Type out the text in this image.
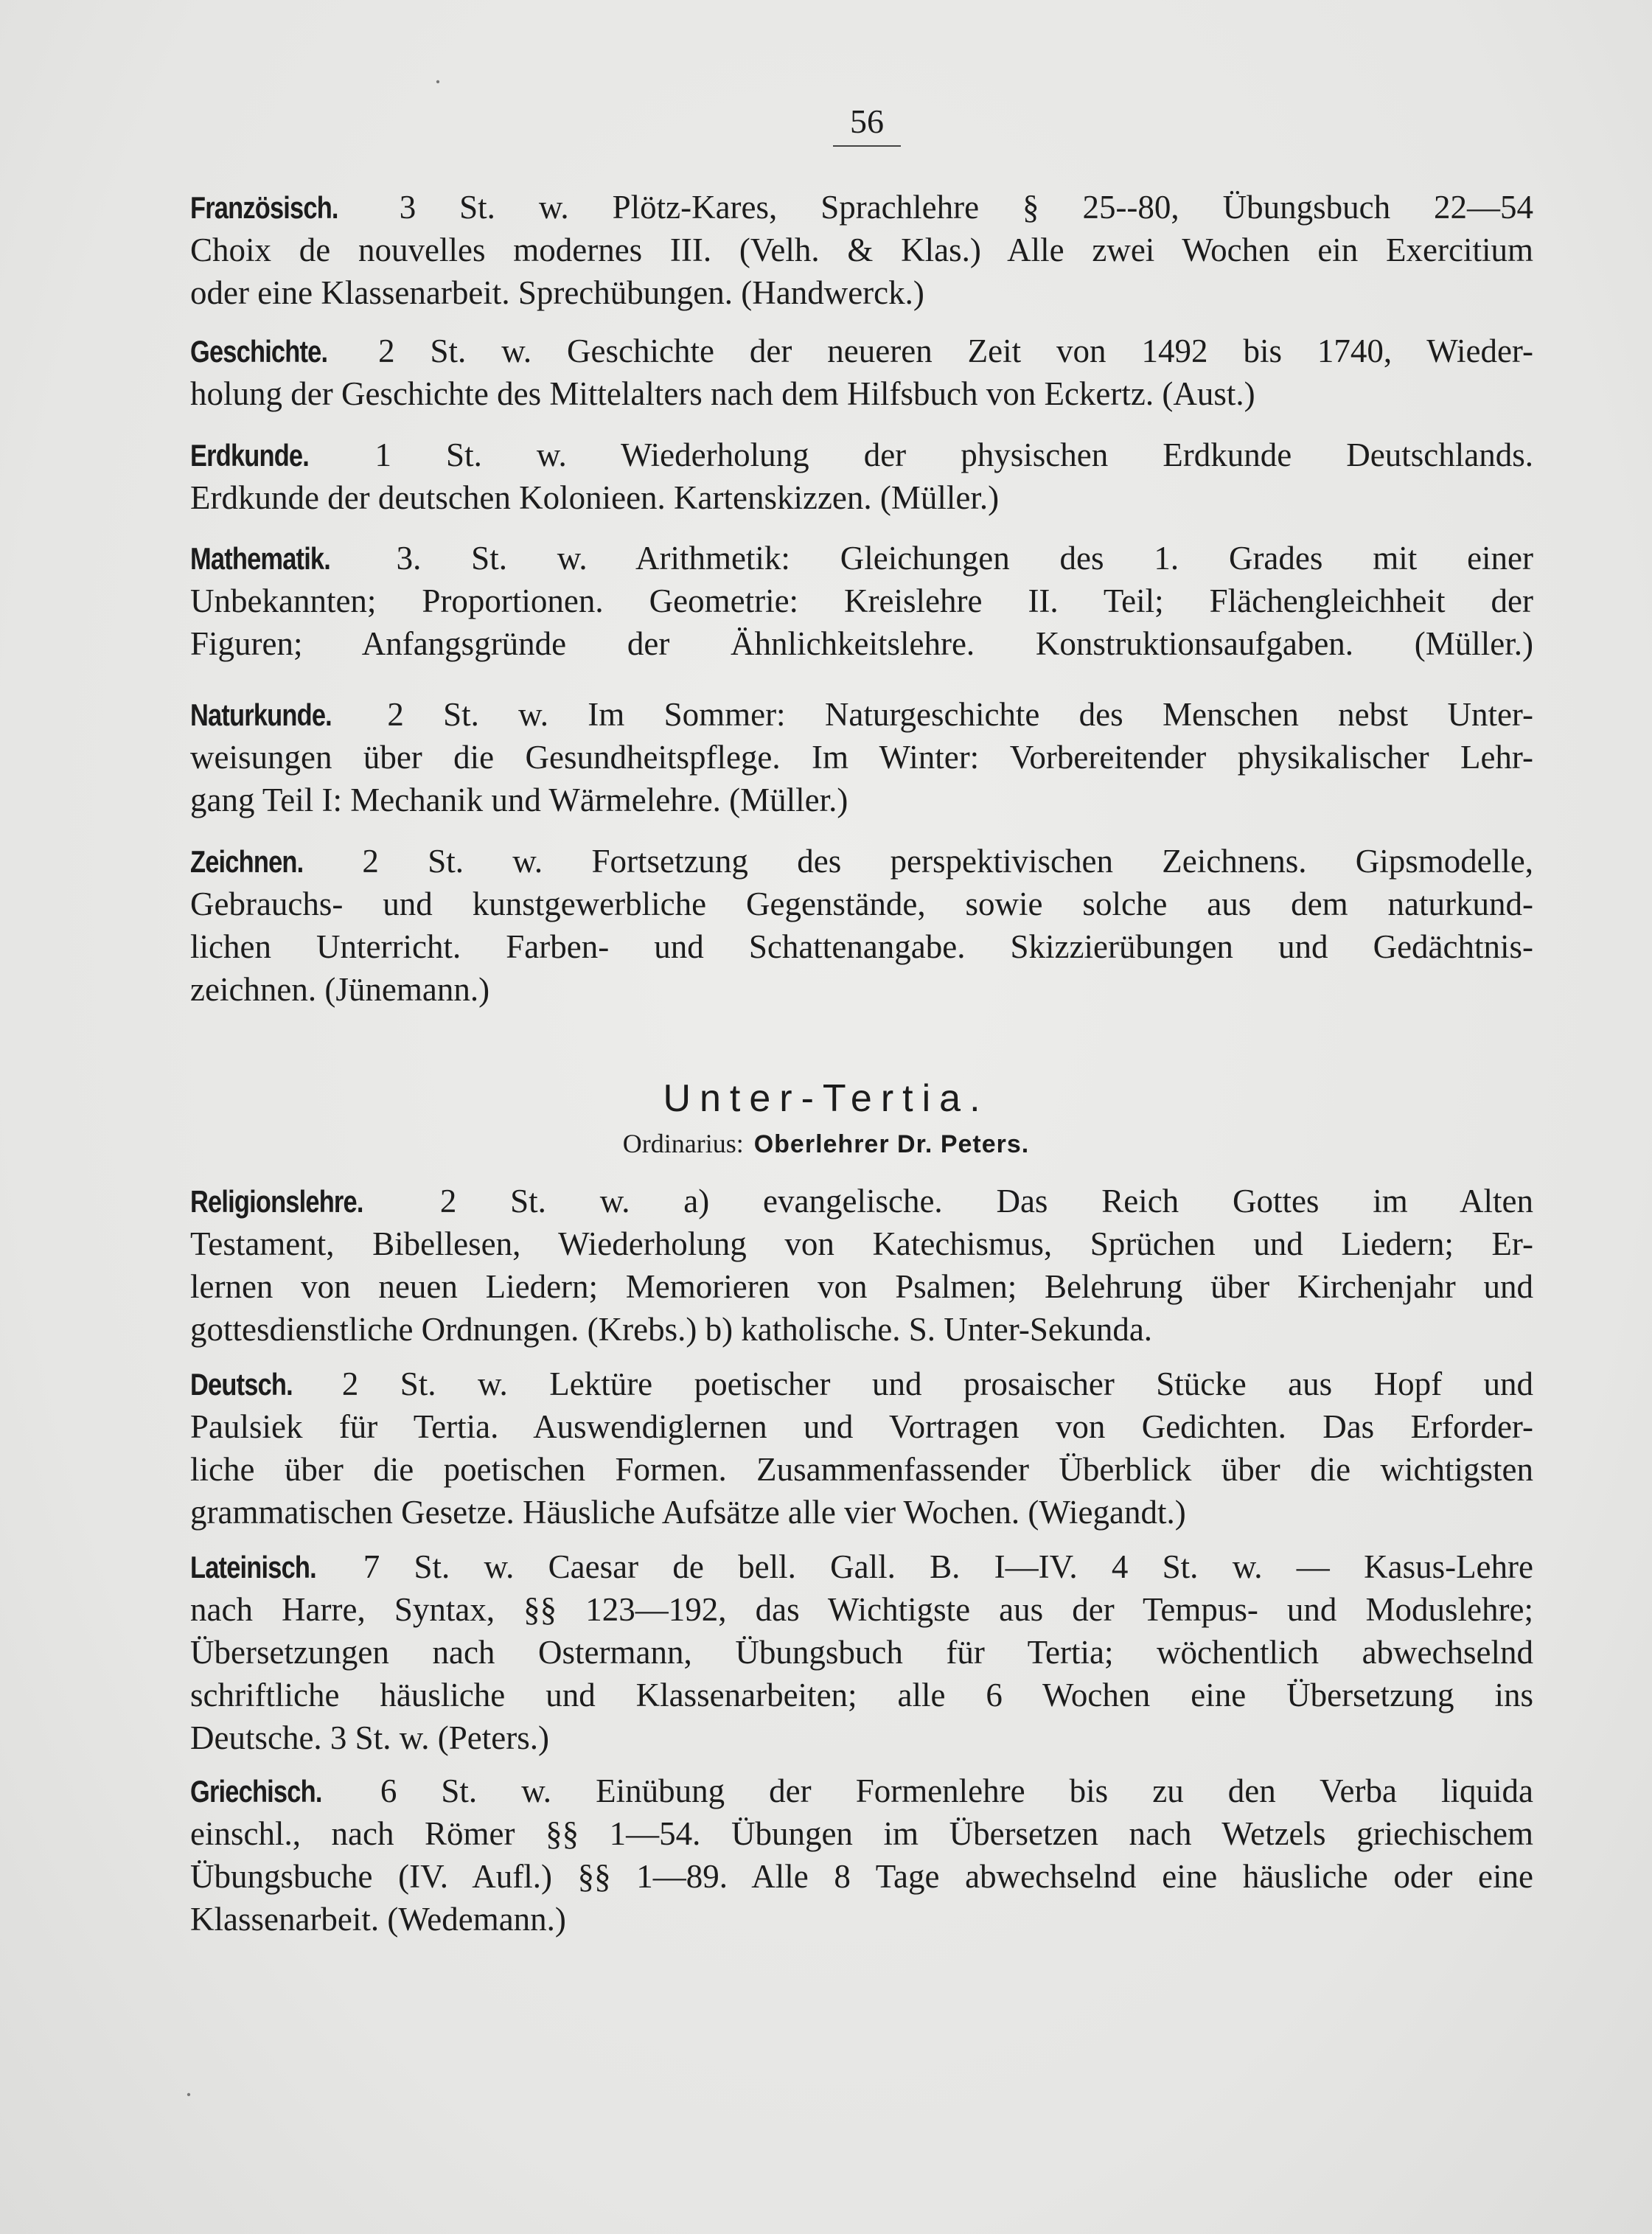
56
Französisch. 3 St. w. Plötz-Kares, Sprachlehre § 25--80, Übungsbuch 22—54
Choix de nouvelles modernes III. (Velh. & Klas.) Alle zwei Wochen ein Exercitium
oder eine Klassenarbeit. Sprechübungen. (Handwerck.)
Geschichte. 2 St. w. Geschichte der neueren Zeit von 1492 bis 1740, Wieder-
holung der Geschichte des Mittelalters nach dem Hilfsbuch von Eckertz. (Aust.)
Erdkunde. 1 St. w. Wiederholung der physischen Erdkunde Deutschlands.
Erdkunde der deutschen Kolonieen. Kartenskizzen. (Müller.)
Mathematik. 3. St. w. Arithmetik: Gleichungen des 1. Grades mit einer
Unbekannten; Proportionen. Geometrie: Kreislehre II. Teil; Flächengleichheit der
Figuren; Anfangsgründe der Ähnlichkeitslehre. Konstruktionsaufgaben. (Müller.)
Naturkunde. 2 St. w. Im Sommer: Naturgeschichte des Menschen nebst Unter-
weisungen über die Gesundheitspflege. Im Winter: Vorbereitender physikalischer Lehr-
gang Teil I: Mechanik und Wärmelehre. (Müller.)
Zeichnen. 2 St. w. Fortsetzung des perspektivischen Zeichnens. Gipsmodelle,
Gebrauchs- und kunstgewerbliche Gegenstände, sowie solche aus dem naturkund-
lichen Unterricht. Farben- und Schattenangabe. Skizzierübungen und Gedächtnis-
zeichnen. (Jünemann.)
Unter-Tertia.
Ordinarius: Oberlehrer Dr. Peters.
Religionslehre. 2 St. w. a) evangelische. Das Reich Gottes im Alten
Testament, Bibellesen, Wiederholung von Katechismus, Sprüchen und Liedern; Er-
lernen von neuen Liedern; Memorieren von Psalmen; Belehrung über Kirchenjahr und
gottesdienstliche Ordnungen. (Krebs.) b) katholische. S. Unter-Sekunda.
Deutsch. 2 St. w. Lektüre poetischer und prosaischer Stücke aus Hopf und
Paulsiek für Tertia. Auswendiglernen und Vortragen von Gedichten. Das Erforder-
liche über die poetischen Formen. Zusammenfassender Überblick über die wichtigsten
grammatischen Gesetze. Häusliche Aufsätze alle vier Wochen. (Wiegandt.)
Lateinisch. 7 St. w. Caesar de bell. Gall. B. I—IV. 4 St. w. — Kasus-Lehre
nach Harre, Syntax, §§ 123—192, das Wichtigste aus der Tempus- und Moduslehre;
Übersetzungen nach Ostermann, Übungsbuch für Tertia; wöchentlich abwechselnd
schriftliche häusliche und Klassenarbeiten; alle 6 Wochen eine Übersetzung ins
Deutsche. 3 St. w. (Peters.)
Griechisch. 6 St. w. Einübung der Formenlehre bis zu den Verba liquida
einschl., nach Römer §§ 1—54. Übungen im Übersetzen nach Wetzels griechischem
Übungsbuche (IV. Aufl.) §§ 1—89. Alle 8 Tage abwechselnd eine häusliche oder eine
Klassenarbeit. (Wedemann.)
·
·
